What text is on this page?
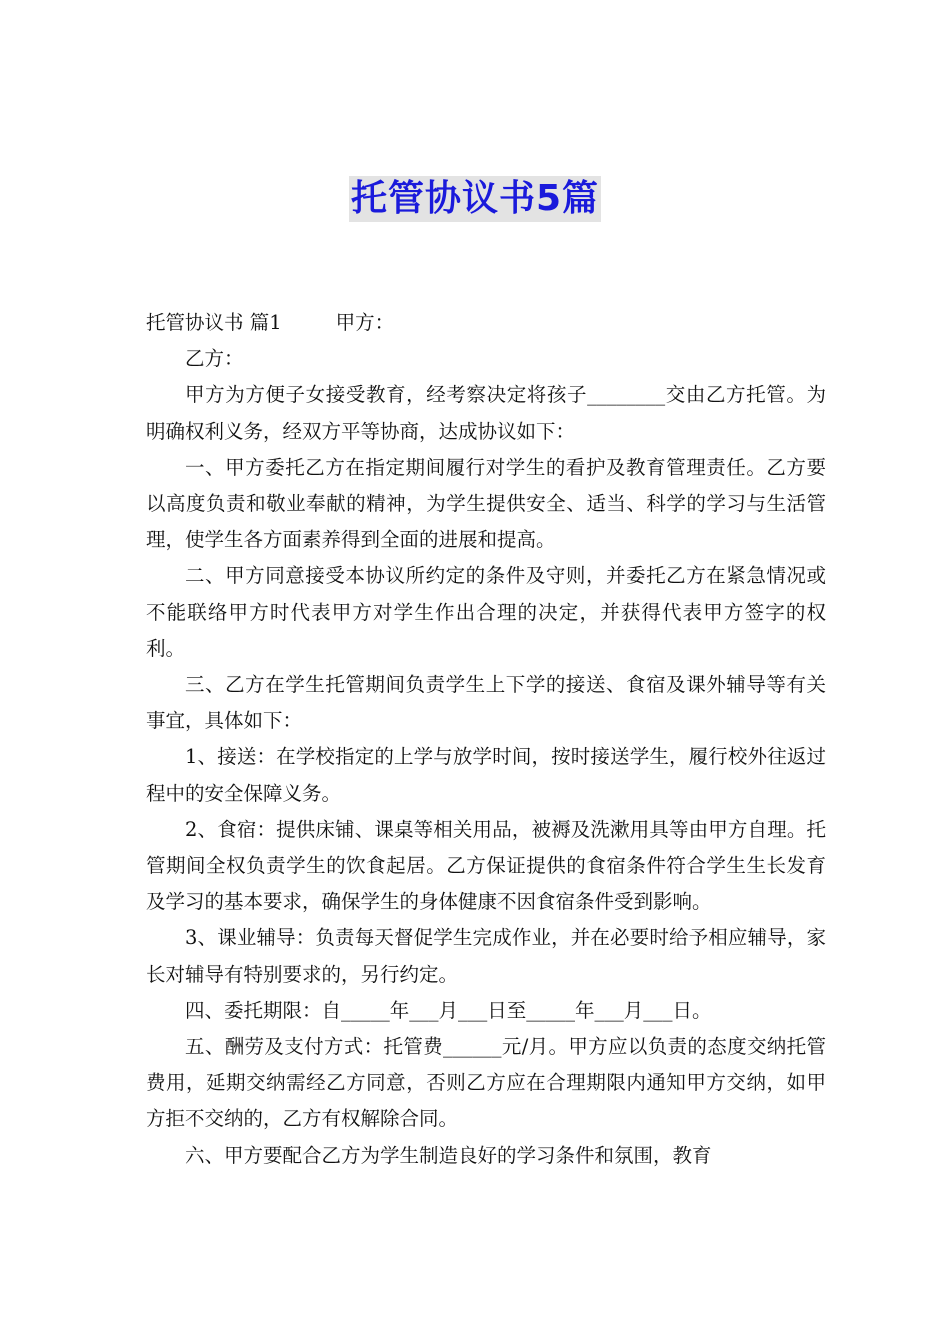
托管协议书5篇

托管协议书 篇1	甲方：

乙方：

甲方为方便子女接受教育，经考察决定将孩子________交由乙方托管。为明确权利义务，经双方平等协商，达成协议如下：

一、甲方委托乙方在指定期间履行对学生的看护及教育管理责任。乙方要以高度负责和敬业奉献的精神，为学生提供安全、适当、科学的学习与生活管理，使学生各方面素养得到全面的进展和提高。

二、甲方同意接受本协议所约定的条件及守则，并委托乙方在紧急情况或不能联络甲方时代表甲方对学生作出合理的决定，并获得代表甲方签字的权利。

三、乙方在学生托管期间负责学生上下学的接送、食宿及课外辅导等有关事宜，具体如下：

1、接送：在学校指定的上学与放学时间，按时接送学生，履行校外往返过程中的安全保障义务。

2、食宿：提供床铺、课桌等相关用品，被褥及洗漱用具等由甲方自理。托管期间全权负责学生的饮食起居。乙方保证提供的食宿条件符合学生生长发育及学习的基本要求，确保学生的身体健康不因食宿条件受到影响。

3、课业辅导：负责每天督促学生完成作业，并在必要时给予相应辅导，家长对辅导有特别要求的，另行约定。

四、委托期限：自_____年___月___日至_____年___月___日。

五、酬劳及支付方式：托管费______元/月。甲方应以负责的态度交纳托管费用，延期交纳需经乙方同意，否则乙方应在合理期限内通知甲方交纳，如甲方拒不交纳的，乙方有权解除合同。

六、甲方要配合乙方为学生制造良好的学习条件和氛围，教育
